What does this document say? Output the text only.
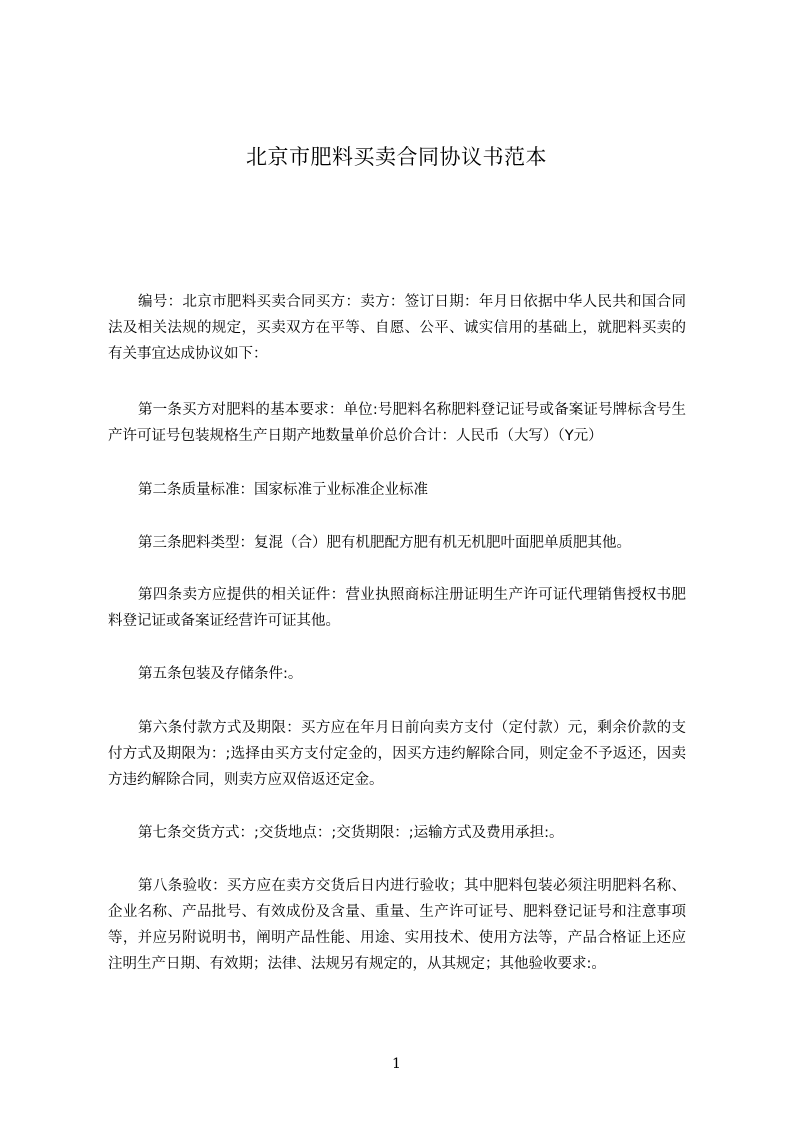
北京市肥料买卖合同协议书范本

编号：北京市肥料买卖合同买方：卖方：签订日期：年月日依据中华人民共和国合同法及相关法规的规定，买卖双方在平等、自愿、公平、诚实信用的基础上，就肥料买卖的有关事宜达成协议如下：

第一条买方对肥料的基本要求：单位:号肥料名称肥料登记证号或备案证号牌标含号生产许可证号包装规格生产日期产地数量单价总价合计：人民币（大写）（Y元）

第二条质量标准：国家标准亍业标准企业标准

第三条肥料类型：复混（合）肥有机肥配方肥有机无机肥叶面肥单质肥其他。

第四条卖方应提供的相关证件：营业执照商标注册证明生产许可证代理销售授权书肥料登记证或备案证经营许可证其他。

第五条包装及存储条件:。

第六条付款方式及期限：买方应在年月日前向卖方支付（定付款）元，剩余价款的支付方式及期限为：;选择由买方支付定金的，因买方违约解除合同，则定金不予返还，因卖方违约解除合同，则卖方应双倍返还定金。

第七条交货方式：;交货地点：;交货期限：;运输方式及费用承担:。

第八条验收：买方应在卖方交货后日内进行验收；其中肥料包装必须注明肥料名称、企业名称、产品批号、有效成份及含量、重量、生产许可证号、肥料登记证号和注意事项等，并应另附说明书，阐明产品性能、用途、实用技术、使用方法等，产品合格证上还应注明生产日期、有效期；法律、法规另有规定的，从其规定；其他验收要求:。

1
